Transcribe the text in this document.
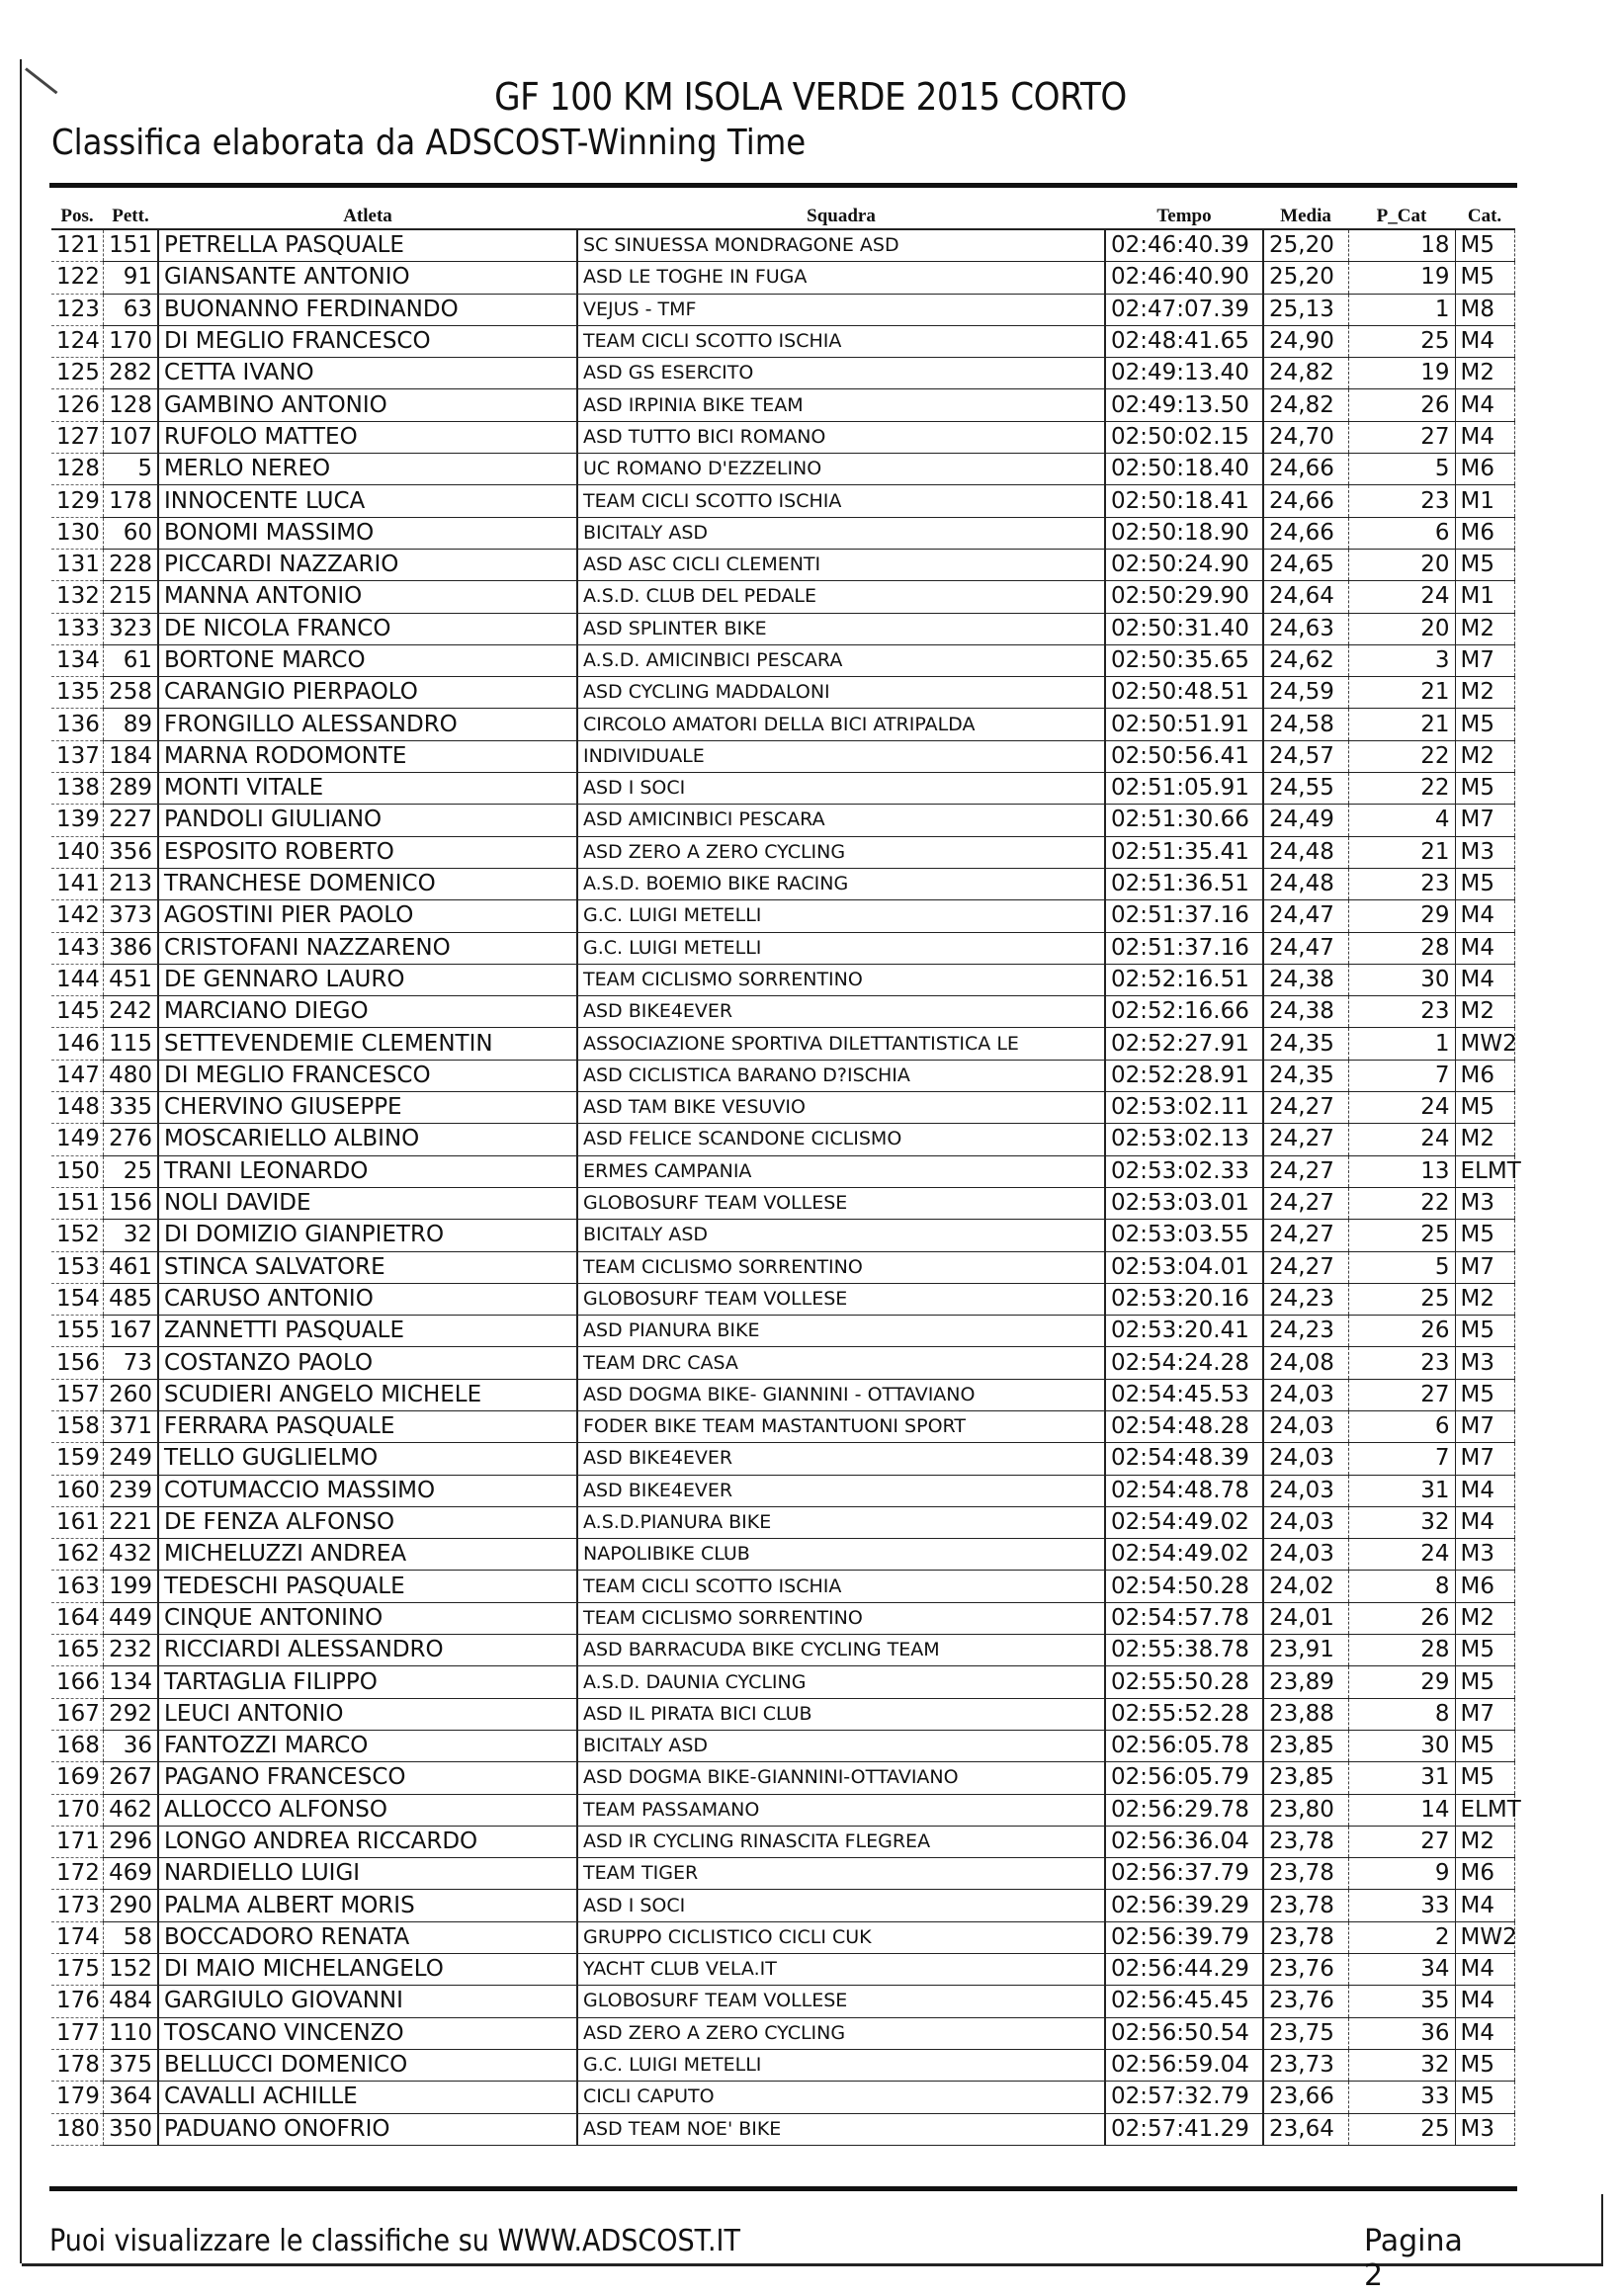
GF 100 KM ISOLA VERDE 2015 CORTO
Classifica elaborata da ADSCOST-Winning Time
Pos.	Pett.	Atleta	Squadra	Tempo	Media	P_Cat	Cat.
121	151	PETRELLA PASQUALE	SC SINUESSA MONDRAGONE ASD	02:46:40.39	25,20	18	M5
122	91	GIANSANTE ANTONIO	ASD LE TOGHE IN FUGA	02:46:40.90	25,20	19	M5
123	63	BUONANNO FERDINANDO	VEJUS - TMF	02:47:07.39	25,13	1	M8
124	170	DI MEGLIO FRANCESCO	TEAM CICLI SCOTTO ISCHIA	02:48:41.65	24,90	25	M4
125	282	CETTA IVANO	ASD GS ESERCITO	02:49:13.40	24,82	19	M2
126	128	GAMBINO ANTONIO	ASD IRPINIA BIKE TEAM	02:49:13.50	24,82	26	M4
127	107	RUFOLO MATTEO	ASD TUTTO BICI ROMANO	02:50:02.15	24,70	27	M4
128	5	MERLO NEREO	UC ROMANO D'EZZELINO	02:50:18.40	24,66	5	M6
129	178	INNOCENTE LUCA	TEAM CICLI SCOTTO ISCHIA	02:50:18.41	24,66	23	M1
130	60	BONOMI MASSIMO	BICITALY ASD	02:50:18.90	24,66	6	M6
131	228	PICCARDI NAZZARIO	ASD ASC CICLI CLEMENTI	02:50:24.90	24,65	20	M5
132	215	MANNA ANTONIO	A.S.D. CLUB DEL PEDALE	02:50:29.90	24,64	24	M1
133	323	DE NICOLA FRANCO	ASD SPLINTER BIKE	02:50:31.40	24,63	20	M2
134	61	BORTONE MARCO	A.S.D. AMICINBICI PESCARA	02:50:35.65	24,62	3	M7
135	258	CARANGIO PIERPAOLO	ASD CYCLING MADDALONI	02:50:48.51	24,59	21	M2
136	89	FRONGILLO ALESSANDRO	CIRCOLO AMATORI DELLA BICI ATRIPALDA	02:50:51.91	24,58	21	M5
137	184	MARNA RODOMONTE	INDIVIDUALE	02:50:56.41	24,57	22	M2
138	289	MONTI VITALE	ASD I SOCI	02:51:05.91	24,55	22	M5
139	227	PANDOLI GIULIANO	ASD AMICINBICI PESCARA	02:51:30.66	24,49	4	M7
140	356	ESPOSITO ROBERTO	ASD ZERO A ZERO CYCLING	02:51:35.41	24,48	21	M3
141	213	TRANCHESE DOMENICO	A.S.D. BOEMIO BIKE RACING	02:51:36.51	24,48	23	M5
142	373	AGOSTINI PIER PAOLO	G.C. LUIGI METELLI	02:51:37.16	24,47	29	M4
143	386	CRISTOFANI NAZZARENO	G.C. LUIGI METELLI	02:51:37.16	24,47	28	M4
144	451	DE GENNARO LAURO	TEAM CICLISMO SORRENTINO	02:52:16.51	24,38	30	M4
145	242	MARCIANO DIEGO	ASD BIKE4EVER	02:52:16.66	24,38	23	M2
146	115	SETTEVENDEMIE CLEMENTIN	ASSOCIAZIONE SPORTIVA DILETTANTISTICA LE	02:52:27.91	24,35	1	MW2
147	480	DI MEGLIO FRANCESCO	ASD CICLISTICA BARANO D?ISCHIA	02:52:28.91	24,35	7	M6
148	335	CHERVINO GIUSEPPE	ASD TAM BIKE VESUVIO	02:53:02.11	24,27	24	M5
149	276	MOSCARIELLO ALBINO	ASD FELICE SCANDONE CICLISMO	02:53:02.13	24,27	24	M2
150	25	TRANI LEONARDO	ERMES CAMPANIA	02:53:02.33	24,27	13	ELMT
151	156	NOLI DAVIDE	GLOBOSURF TEAM VOLLESE	02:53:03.01	24,27	22	M3
152	32	DI DOMIZIO GIANPIETRO	BICITALY ASD	02:53:03.55	24,27	25	M5
153	461	STINCA SALVATORE	TEAM CICLISMO SORRENTINO	02:53:04.01	24,27	5	M7
154	485	CARUSO ANTONIO	GLOBOSURF TEAM VOLLESE	02:53:20.16	24,23	25	M2
155	167	ZANNETTI PASQUALE	ASD PIANURA BIKE	02:53:20.41	24,23	26	M5
156	73	COSTANZO PAOLO	TEAM DRC CASA	02:54:24.28	24,08	23	M3
157	260	SCUDIERI ANGELO MICHELE	ASD DOGMA BIKE- GIANNINI - OTTAVIANO	02:54:45.53	24,03	27	M5
158	371	FERRARA PASQUALE	FODER BIKE TEAM MASTANTUONI SPORT	02:54:48.28	24,03	6	M7
159	249	TELLO GUGLIELMO	ASD BIKE4EVER	02:54:48.39	24,03	7	M7
160	239	COTUMACCIO MASSIMO	ASD BIKE4EVER	02:54:48.78	24,03	31	M4
161	221	DE FENZA ALFONSO	A.S.D.PIANURA BIKE	02:54:49.02	24,03	32	M4
162	432	MICHELUZZI ANDREA	NAPOLIBIKE CLUB	02:54:49.02	24,03	24	M3
163	199	TEDESCHI PASQUALE	TEAM CICLI SCOTTO ISCHIA	02:54:50.28	24,02	8	M6
164	449	CINQUE ANTONINO	TEAM CICLISMO SORRENTINO	02:54:57.78	24,01	26	M2
165	232	RICCIARDI ALESSANDRO	ASD BARRACUDA BIKE CYCLING TEAM	02:55:38.78	23,91	28	M5
166	134	TARTAGLIA FILIPPO	A.S.D. DAUNIA CYCLING	02:55:50.28	23,89	29	M5
167	292	LEUCI ANTONIO	ASD IL PIRATA BICI CLUB	02:55:52.28	23,88	8	M7
168	36	FANTOZZI MARCO	BICITALY ASD	02:56:05.78	23,85	30	M5
169	267	PAGANO FRANCESCO	ASD DOGMA BIKE-GIANNINI-OTTAVIANO	02:56:05.79	23,85	31	M5
170	462	ALLOCCO ALFONSO	TEAM PASSAMANO	02:56:29.78	23,80	14	ELMT
171	296	LONGO ANDREA RICCARDO	ASD IR CYCLING RINASCITA FLEGREA	02:56:36.04	23,78	27	M2
172	469	NARDIELLO LUIGI	TEAM TIGER	02:56:37.79	23,78	9	M6
173	290	PALMA ALBERT MORIS	ASD I SOCI	02:56:39.29	23,78	33	M4
174	58	BOCCADORO RENATA	GRUPPO CICLISTICO CICLI CUK	02:56:39.79	23,78	2	MW2
175	152	DI MAIO MICHELANGELO	YACHT CLUB VELA.IT	02:56:44.29	23,76	34	M4
176	484	GARGIULO GIOVANNI	GLOBOSURF TEAM VOLLESE	02:56:45.45	23,76	35	M4
177	110	TOSCANO VINCENZO	ASD ZERO A ZERO CYCLING	02:56:50.54	23,75	36	M4
178	375	BELLUCCI DOMENICO	G.C. LUIGI METELLI	02:56:59.04	23,73	32	M5
179	364	CAVALLI ACHILLE	CICLI CAPUTO	02:57:32.79	23,66	33	M5
180	350	PADUANO ONOFRIO	ASD TEAM NOE' BIKE	02:57:41.29	23,64	25	M3
Puoi visualizzare le classifiche su WWW.ADSCOST.IT	Pagina 2
